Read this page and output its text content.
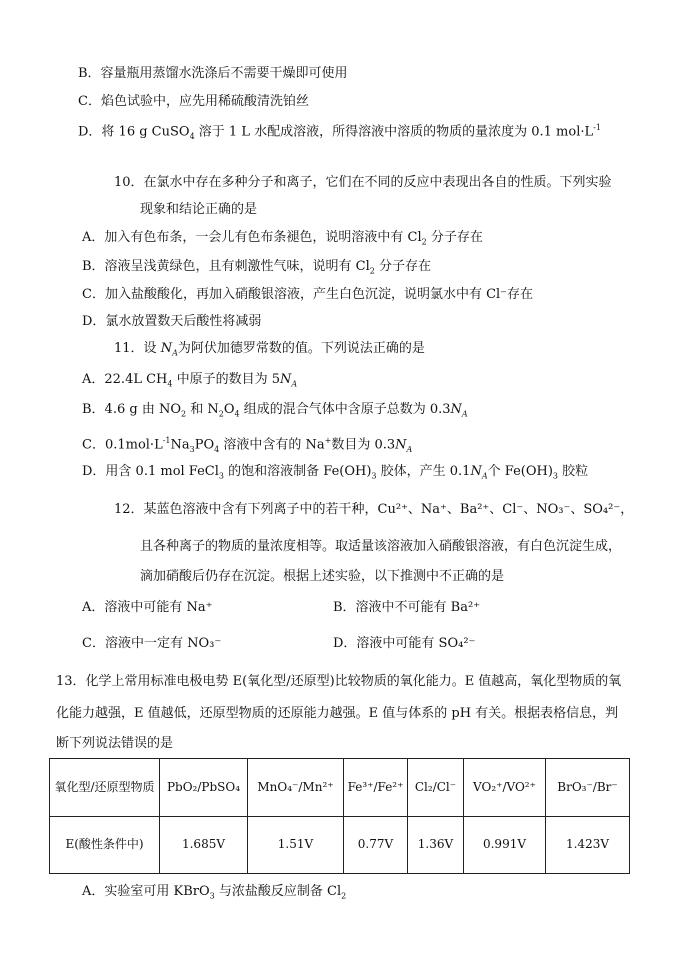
B．容量瓶用蒸馏水洗涤后不需要干燥即可使用
C．焰色试验中，应先用稀硫酸清洗铂丝
D．将 16 g CuSO$_4$ 溶于 1 L 水配成溶液，所得溶液中溶质的物质的量浓度为 0.1 $mol\cdot L^{-1}$
10．在氯水中存在多种分子和离子，它们在不同的反应中表现出各自的性质。下列实验
现象和结论正确的是
A．加入有色布条，一会儿有色布条褪色，说明溶液中有 $Cl_2$ 分子存在
B．溶液呈浅黄绿色，且有刺激性气味，说明有 $Cl_2$ 分子存在
C．加入盐酸酸化，再加入硝酸银溶液，产生白色沉淀，说明氯水中有 Cl⁻存在
D．氯水放置数天后酸性将减弱
11．设 $N_A$为阿伏加德罗常数的值。下列说法正确的是
A．22.4L $CH_4$ 中原子的数目为 $5N_A$
B．4.6 g 由 $NO_2$ 和 $N_2O_4$ 组成的混合气体中含原子总数为 $0.3N_A$
C．$0.1mol\cdot L^{-1}Na_3PO_4$ 溶液中含有的 Na+数目为 $0.3N_A$
D．用含 0.1 mol FeCl$_3$ 的饱和溶液制备 $Fe(OH)_3$ 胶体，产生 $0.1N_A$个 $Fe(OH)_3$ 胶粒
12．某蓝色溶液中含有下列离子中的若干种，Cu²⁺、Na⁺、Ba²⁺、Cl⁻、NO₃⁻、SO₄²⁻，
且各种离子的物质的量浓度相等。取适量该溶液加入硝酸银溶液，有白色沉淀生成，
滴加硝酸后仍存在沉淀。根据上述实验，以下推测中不正确的是
A．溶液中可能有 Na⁺	B．溶液中不可能有 Ba²⁺
C．溶液中一定有 NO₃⁻	D．溶液中可能有 SO₄²⁻
13．化学上常用标准电极电势 E(氧化型/还原型)比较物质的氧化能力。E 值越高，氧化型物质的氧
化能力越强，E 值越低，还原型物质的还原能力越强。E 值与体系的 pH 有关。根据表格信息，判
断下列说法错误的是
氧化型/还原型物质	PbO₂/PbSO₄	MnO₄⁻/Mn²⁺	Fe³⁺/Fe²⁺	Cl₂/Cl⁻	VO₂⁺/VO²⁺	BrO₃⁻/Br⁻
E(酸性条件中)	1.685V	1.51V	0.77V	1.36V	0.991V	1.423V
A．实验室可用 KBrO$_3$ 与浓盐酸反应制备 $Cl_2$
